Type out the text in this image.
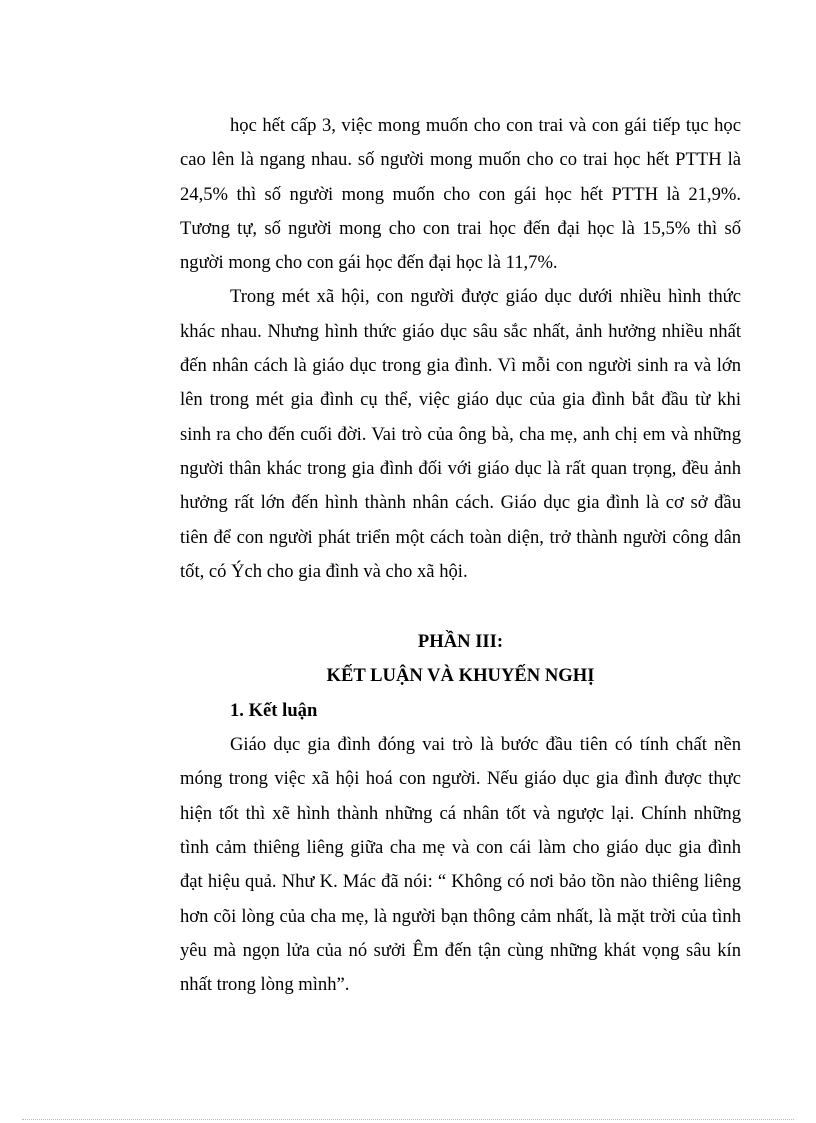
học hết cấp 3, việc mong muốn cho con trai và con gái tiếp tục học
cao lên là ngang nhau. số người mong muốn cho co trai học hết PTTH là
24,5% thì số người mong muốn cho con gái học hết PTTH là 21,9%.
Tương tự, số người mong cho con trai học đến đại học là 15,5% thì số
người mong cho con gái học đến đại học là 11,7%.

Trong mét xã hội, con người được giáo dục dưới nhiều hình thức
khác nhau. Nhưng hình thức giáo dục sâu sắc nhất, ảnh hưởng nhiều nhất
đến nhân cách là giáo dục trong gia đình. Vì mỗi con người sinh ra và lớn
lên trong mét gia đình cụ thể, việc giáo dục của gia đình bắt đầu từ khi
sinh ra cho đến cuối đời. Vai trò của ông bà, cha mẹ, anh chị em và những
người thân khác trong gia đình đối với giáo dục là rất quan trọng, đều ảnh
hưởng rất lớn đến hình thành nhân cách. Giáo dục gia đình là cơ sở đầu
tiên để con người phát triển một cách toàn diện, trở thành người công dân
tốt, có Ých cho gia đình và cho xã hội.

PHẦN III:
KẾT LUẬN VÀ KHUYẾN NGHỊ
1. Kết luận

Giáo dục gia đình đóng vai trò là bước đầu tiên có tính chất nền
móng trong việc xã hội hoá con người. Nếu giáo dục gia đình được thực
hiện tốt thì xẽ hình thành những cá nhân tốt và ngược lại. Chính những
tình cảm thiêng liêng giữa cha mẹ và con cái làm cho giáo dục gia đình
đạt hiệu quả. Như K. Mác đã nói: “ Không có nơi bảo tồn nào thiêng liêng
hơn cõi lòng của cha mẹ, là người bạn thông cảm nhất, là mặt trời của tình
yêu mà ngọn lửa của nó sưởi Êm đến tận cùng những khát vọng sâu kín
nhất trong lòng mình”.
